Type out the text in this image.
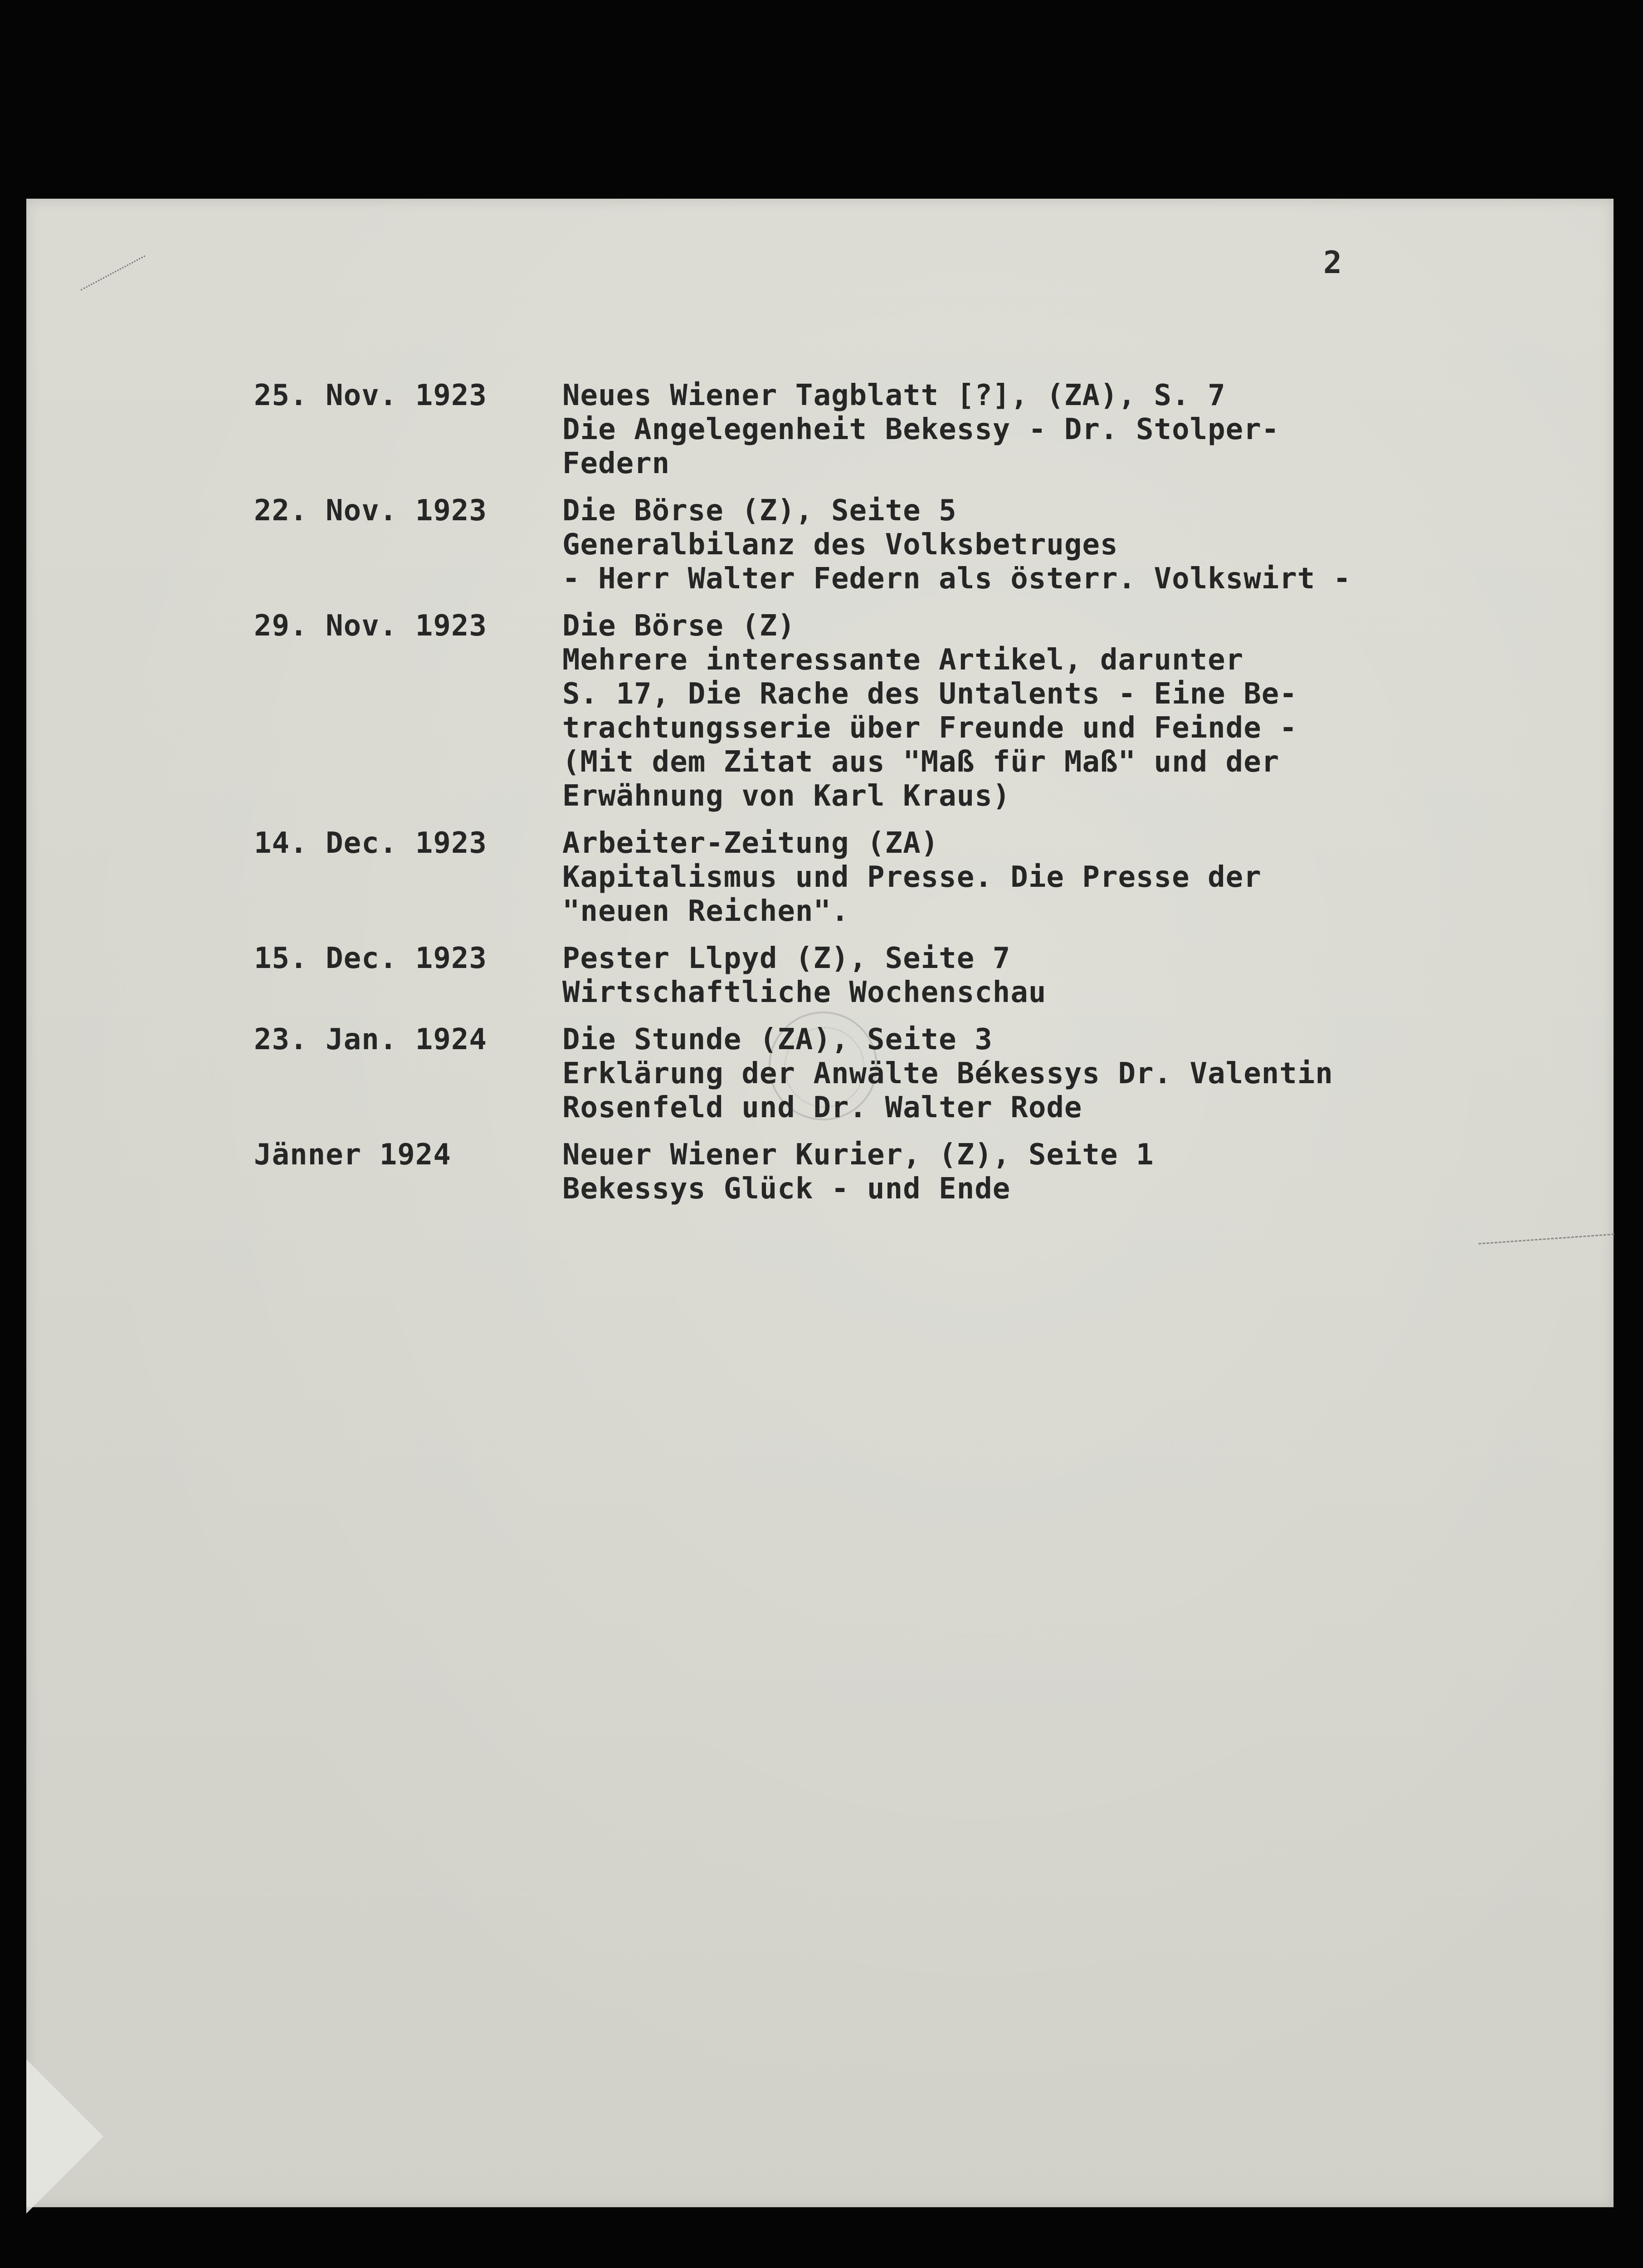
2
25. Nov. 1923	Neues Wiener Tagblatt [?], (ZA), S. 7
Die Angelegenheit Bekessy - Dr. Stolper-
Federn
22. Nov. 1923	Die Börse (Z), Seite 5
Generalbilanz des Volksbetruges
- Herr Walter Federn als österr. Volkswirt -
29. Nov. 1923	Die Börse (Z)
Mehrere interessante Artikel, darunter
S. 17, Die Rache des Untalents - Eine Be-
trachtungsserie über Freunde und Feinde -
(Mit dem Zitat aus "Maß für Maß" und der
Erwähnung von Karl Kraus)
14. Dec. 1923	Arbeiter-Zeitung (ZA)
Kapitalismus und Presse. Die Presse der
"neuen Reichen".
15. Dec. 1923	Pester Llpyd (Z), Seite 7
Wirtschaftliche Wochenschau
23. Jan. 1924	Die Stunde (ZA), Seite 3
Erklärung der Anwälte Békessys Dr. Valentin
Rosenfeld und Dr. Walter Rode
Jänner 1924	Neuer Wiener Kurier, (Z), Seite 1
Bekessys Glück - und Ende
